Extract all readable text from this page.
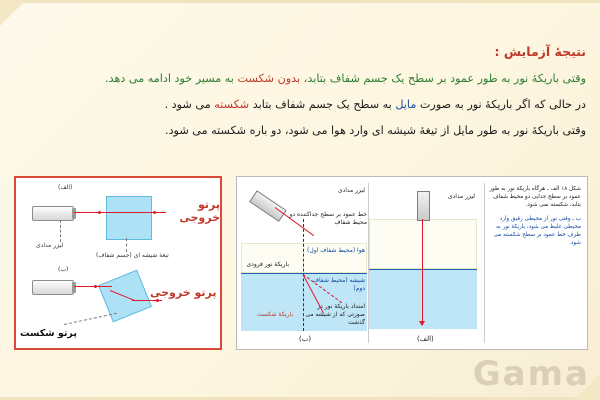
نتیجهٔ آزمایش :
وقتی باریکهٔ نور به طور عمود بر سطح یک جسم شفاف بتابد، بدون شکست به مسیر خود ادامه می دهد.
در حالی که اگر باریکهٔ نور به صورت مایل به سطح یک جسم شفاف بتابد شکسته می شود .
وقتی باریکهٔ نور به طور مایل از تیغهٔ شیشه ای وارد هوا می شود، دو باره شکسته می شود.
(الف)
لیزر مدادی
تیغهٔ شیشه ای (جسم شفاف)
پرتو خروجی
(ب)
پرتو خروجی
پرتو شکست
شکل ۱۸ الف ـ هرگاه باریکهٔ نور به طور عمود بر سطح جدایی دو محیط شفاف بتابد، شکسته نمی شود.
ب ـ وقتی نور از محیطی رقیق وارد محیطی غلیظ می شود، باریکهٔ نور به طرف خط عمود بر سطح شکسته می شود.
لیزر مدادی
(الف)
لیزر مدادی
خط عمود بر سطح جداکننده دو محیط شفاف
هوا (محیط شفاف اول)
شیشه (محیط شفاف دوم)
باریکهٔ نور فرودی
باریکهٔ شکست
امتداد باریکهٔ نور در صورتی که از شیشه می گذشت
(ب)
Gama
